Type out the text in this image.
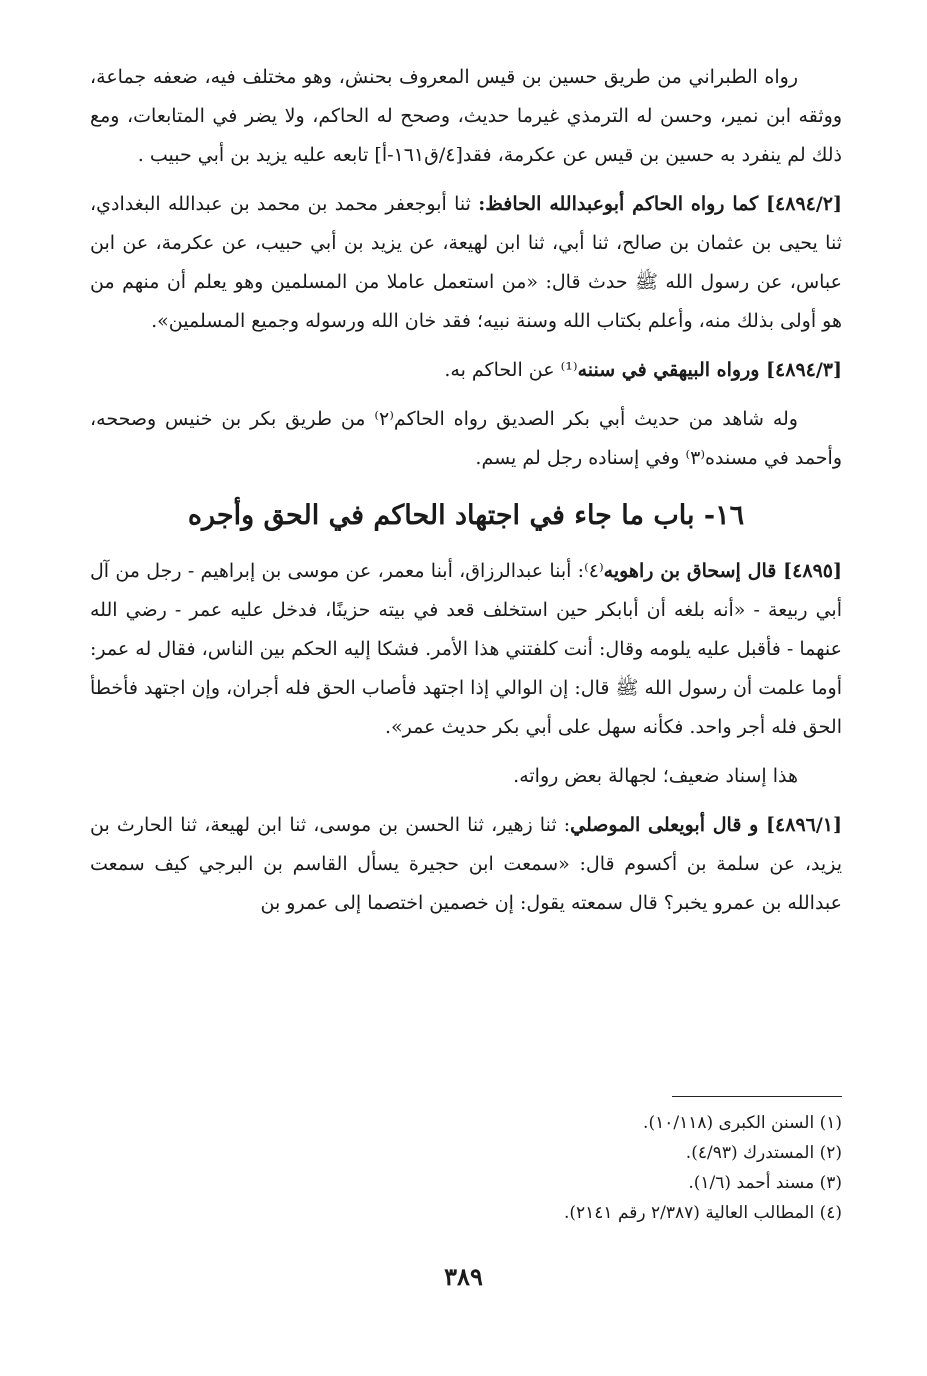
رواه الطبراني من طريق حسين بن قيس المعروف بحنش، وهو مختلف فيه، ضعفه جماعة، ووثقه ابن نمير، وحسن له الترمذي غيرما حديث، وصحح له الحاكم، ولا يضر في المتابعات، ومع ذلك لم ينفرد به حسين بن قيس عن عكرمة، فقد[٤/ق١٦١-أ] تابعه عليه يزيد بن أبي حبيب .

[٤٨٩٤/٢] كما رواه الحاكم أبوعبدالله الحافظ: ثنا أبوجعفر محمد بن محمد بن عبدالله البغدادي، ثنا يحيى بن عثمان بن صالح، ثنا أبي، ثنا ابن لهيعة، عن يزيد بن أبي حبيب، عن عكرمة، عن ابن عباس، عن رسول الله ﷺ حدث قال: «من استعمل عاملا من المسلمين وهو يعلم أن منهم من هو أولى بذلك منه، وأعلم بكتاب الله وسنة نبيه؛ فقد خان الله ورسوله وجميع المسلمين».

[٤٨٩٤/٣] ورواه البيهقي في سننه⁽¹⁾ عن الحاكم به.

وله شاهد من حديث أبي بكر الصديق رواه الحاكم⁽٢⁾ من طريق بكر بن خنيس وصححه، وأحمد في مسنده⁽٣⁾ وفي إسناده رجل لم يسم.

١٦- باب ما جاء في اجتهاد الحاكم في الحق وأجره

[٤٨٩٥] قال إسحاق بن راهويه⁽٤⁾: أبنا عبدالرزاق، أبنا معمر، عن موسى بن إبراهيم - رجل من آل أبي ربيعة - «أنه بلغه أن أبابكر حين استخلف قعد في بيته حزينًا، فدخل عليه عمر - رضي الله عنهما - فأقبل عليه يلومه وقال: أنت كلفتني هذا الأمر. فشكا إليه الحكم بين الناس، فقال له عمر: أوما علمت أن رسول الله ﷺ قال: إن الوالي إذا اجتهد فأصاب الحق فله أجران، وإن اجتهد فأخطأ الحق فله أجر واحد. فكأنه سهل على أبي بكر حديث عمر».

هذا إسناد ضعيف؛ لجهالة بعض رواته.

[٤٨٩٦/١] و قال أبويعلى الموصلي: ثنا زهير، ثنا الحسن بن موسى، ثنا ابن لهيعة، ثنا الحارث بن يزيد، عن سلمة بن أكسوم قال: «سمعت ابن حجيرة يسأل القاسم بن البرجي كيف سمعت عبدالله بن عمرو يخبر؟ قال سمعته يقول: إن خصمين اختصما إلى عمرو بن

(١) السنن الكبرى (١٠/١١٨).
(٢) المستدرك (٤/٩٣).
(٣) مسند أحمد (١/٦).
(٤) المطالب العالية (٢/٣٨٧ رقم ٢١٤١).
٣٨٩
